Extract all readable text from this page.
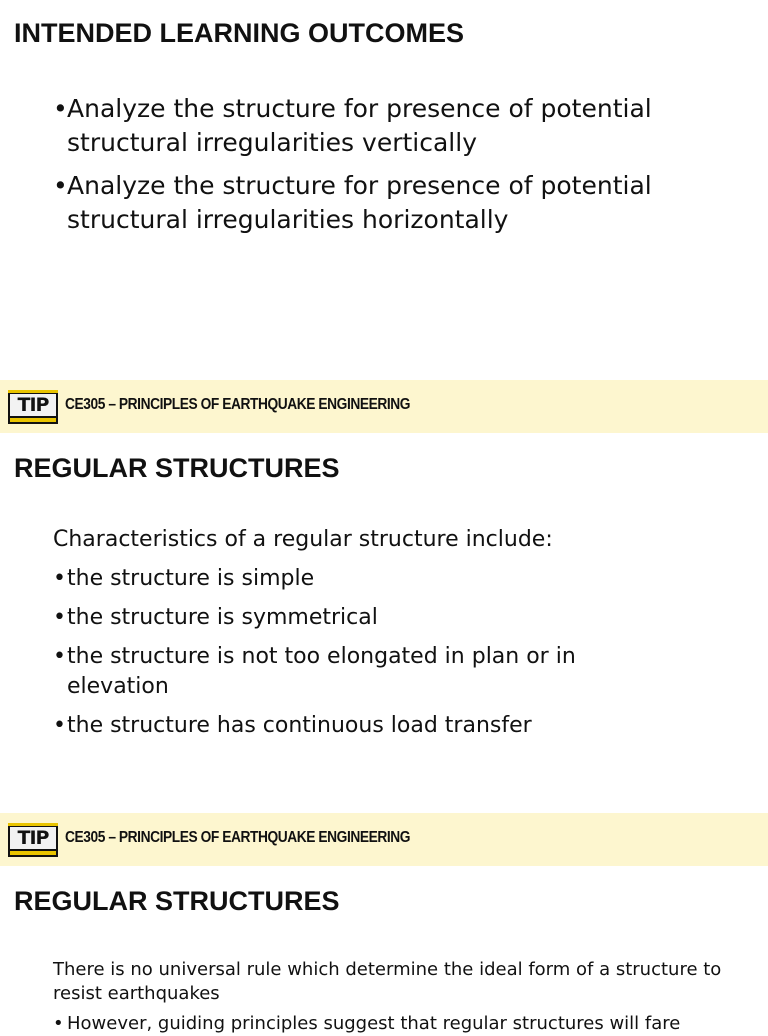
INTENDED LEARNING OUTCOMES
• Analyze the structure for presence of potential structural irregularities vertically
• Analyze the structure for presence of potential structural irregularities horizontally
TIP	CE305 – PRINCIPLES OF EARTHQUAKE ENGINEERING
REGULAR STRUCTURES
Characteristics of a regular structure include:
• the structure is simple
• the structure is symmetrical
• the structure is not too elongated in plan or in elevation
• the structure has continuous load transfer
TIP	CE305 – PRINCIPLES OF EARTHQUAKE ENGINEERING
REGULAR STRUCTURES
There is no universal rule which determine the ideal form of a structure to resist earthquakes
• However, guiding principles suggest that regular structures will fare
